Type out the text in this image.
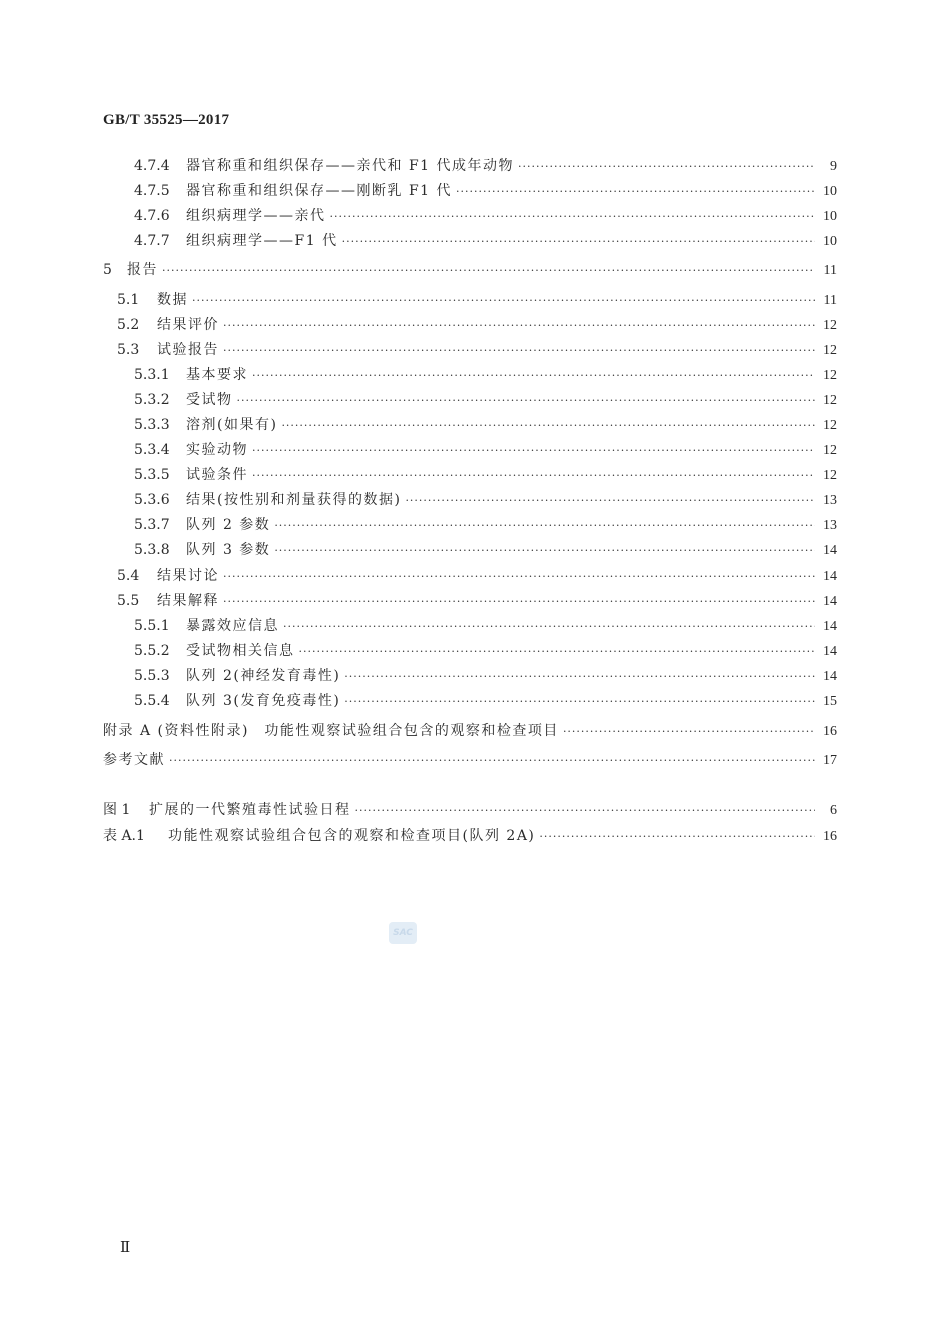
GB/T 35525—2017
4.7.4	器官称重和组织保存——亲代和 F1 代成年动物 ·····	9
4.7.5	器官称重和组织保存——刚断乳 F1 代 ·····	10
4.7.6	组织病理学——亲代 ·····	10
4.7.7	组织病理学——F1 代 ·····	10
5	报告 ·····	11
5.1	数据 ·····	11
5.2	结果评价 ·····	12
5.3	试验报告 ·····	12
5.3.1	基本要求 ·····	12
5.3.2	受试物 ·····	12
5.3.3	溶剂(如果有) ·····	12
5.3.4	实验动物 ·····	12
5.3.5	试验条件 ·····	12
5.3.6	结果(按性别和剂量获得的数据) ·····	13
5.3.7	队列 2 参数 ·····	13
5.3.8	队列 3 参数 ·····	14
5.4	结果讨论 ·····	14
5.5	结果解释 ·····	14
5.5.1	暴露效应信息 ·····	14
5.5.2	受试物相关信息 ·····	14
5.5.3	队列 2(神经发育毒性) ·····	14
5.5.4	队列 3(发育免疫毒性) ·····	15
附录 A (资料性附录)　功能性观察试验组合包含的观察和检查项目 ·····	16
参考文献 ·····	17
图 1	扩展的一代繁殖毒性试验日程 ·····	6
表 A.1	功能性观察试验组合包含的观察和检查项目(队列 2A) ·····	16
SAC
Ⅱ
